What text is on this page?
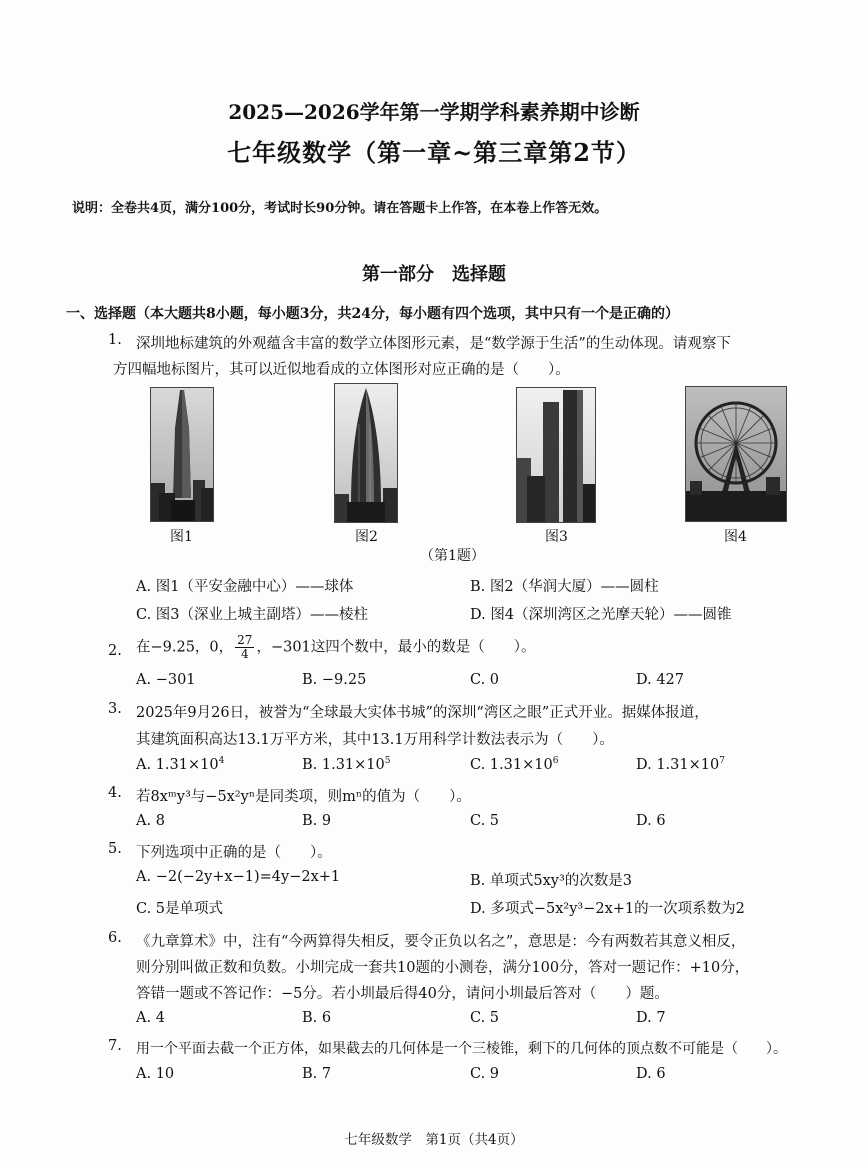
2025—2026学年第一学期学科素养期中诊断
七年级数学（第一章~第三章第2节）
说明：全卷共4页，满分100分，考试时长90分钟。请在答题卡上作答，在本卷上作答无效。
第一部分　选择题
一、选择题（本大题共8小题，每小题3分，共24分，每小题有四个选项，其中只有一个是正确的）
1. 深圳地标建筑的外观蕴含丰富的数学立体图形元素，是“数学源于生活”的生动体现。请观察下
方四幅地标图片，其可以近似地看成的立体图形对应正确的是（　　）。
图1	图2	图3	图4
（第1题）
A. 图1（平安金融中心）——球体	B. 图2（华润大厦）——圆柱
C. 图3（深业上城主副塔）——棱柱	D. 图4（深圳湾区之光摩天轮）——圆锥
2. 在−9.25，0， $\frac{27}{4}$ ，−301这四个数中，最小的数是（　　）。
A. −301	B. −9.25	C. 0	D. 427
3. 2025年9月26日，被誉为“全球最大实体书城”的深圳“湾区之眼”正式开业。据媒体报道，
其建筑面积高达13.1万平方米，其中13.1万用科学计数法表示为（　　）。
A. $1.31\times 10^4$	B. $1.31\times 10^5$	C. $1.31\times 10^6$	D. $1.31\times 10^7$
4. 若8xᵐy³与−5x²yⁿ是同类项，则mⁿ的值为（　　）。
A. 8	B. 9	C. 5	D. 6
5. 下列选项中正确的是（　　）。
A. −2(−2y+x−1)=4y−2x+1	B. 单项式5xy³的次数是3
C. 5是单项式	D. 多项式−5x²y³−2x+1的一次项系数为2
6. 《九章算术》中，注有“今两算得失相反，要令正负以名之”，意思是：今有两数若其意义相反，
则分别叫做正数和负数。小圳完成一套共10题的小测卷，满分100分，答对一题记作：+10分，
答错一题或不答记作：−5分。若小圳最后得40分，请问小圳最后答对（　　）题。
A. 4	B. 6	C. 5	D. 7
7. 用一个平面去截一个正方体，如果截去的几何体是一个三棱锥，剩下的几何体的顶点数不可能是（　　）。
A. 10	B. 7	C. 9	D. 6
七年级数学　第1页（共4页）
